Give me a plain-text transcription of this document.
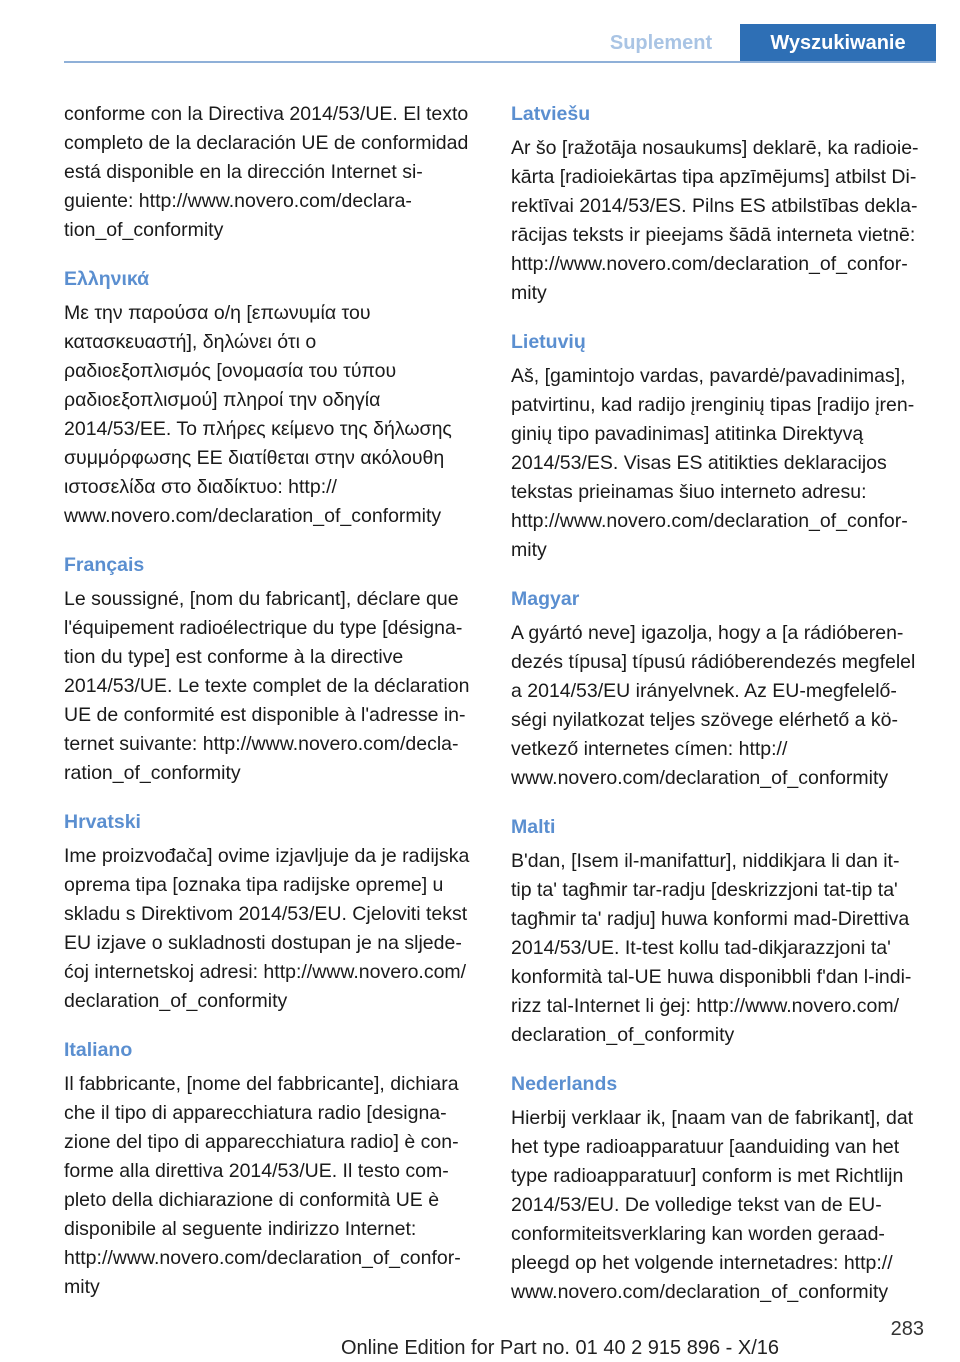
Suplement	Wyszukiwanie

conforme con la Directiva 2014/53/UE. El texto
completo de la declaración UE de conformidad
está disponible en la dirección Internet si‐
guiente: http://www.novero.com/declara‐
tion_of_conformity

Ελληνικά

Με την παρούσα ο/η [επωνυμία του
κατασκευαστή], δηλώνει ότι ο
ραδιοεξοπλισμός [ονομασία του τύπου
ραδιοεξοπλισμού] πληροί την οδηγία
2014/53/ΕΕ. Το πλήρες κείμενο της δήλωσης
συμμόρφωσης ΕΕ διατίθεται στην ακόλουθη
ιστοσελίδα στο διαδίκτυο: http://
www.novero.com/declaration_of_conformity

Français

Le soussigné, [nom du fabricant], déclare que
l'équipement radioélectrique du type [désigna‐
tion du type] est conforme à la directive
2014/53/UE. Le texte complet de la déclaration
UE de conformité est disponible à l'adresse in‐
ternet suivante: http://www.novero.com/decla‐
ration_of_conformity

Hrvatski

Ime proizvođača] ovime izjavljuje da je radijska
oprema tipa [oznaka tipa radijske opreme] u
skladu s Direktivom 2014/53/EU. Cjeloviti tekst
EU izjave o sukladnosti dostupan je na sljede‐
ćoj internetskoj adresi: http://www.novero.com/
declaration_of_conformity

Italiano

Il fabbricante, [nome del fabbricante], dichiara
che il tipo di apparecchiatura radio [designa‐
zione del tipo di apparecchiatura radio] è con‐
forme alla direttiva 2014/53/UE. Il testo com‐
pleto della dichiarazione di conformità UE è
disponibile al seguente indirizzo Internet:
http://www.novero.com/declaration_of_confor‐
mity

Latviešu

Ar šo [ražotāja nosaukums] deklarē, ka radioie‐
kārta [radioiekārtas tipa apzīmējums] atbilst Di‐
rektīvai 2014/53/ES. Pilns ES atbilstības dekla‐
rācijas teksts ir pieejams šādā interneta vietnē:
http://www.novero.com/declaration_of_confor‐
mity

Lietuvių

Aš, [gamintojo vardas, pavardė/pavadinimas],
patvirtinu, kad radijo įrenginių tipas [radijo įren‐
ginių tipo pavadinimas] atitinka Direktyvą
2014/53/ES. Visas ES atitikties deklaracijos
tekstas prieinamas šiuo interneto adresu:
http://www.novero.com/declaration_of_confor‐
mity

Magyar

A gyártó neve] igazolja, hogy a [a rádióberen‐
dezés típusa] típusú rádióberendezés megfelel
a 2014/53/EU irányelvnek. Az EU-megfelelő‐
ségi nyilatkozat teljes szövege elérhető a kö‐
vetkező internetes címen: http://
www.novero.com/declaration_of_conformity

Malti

B'dan, [Isem il-manifattur], niddikjara li dan it-
tip ta' tagħmir tar-radju [deskrizzjoni tat-tip ta'
tagħmir ta' radju] huwa konformi mad-Direttiva
2014/53/UE. It-test kollu tad-dikjarazzjoni ta'
konformità tal-UE huwa disponibbli f'dan l-indi‐
rizz tal-Internet li ġej: http://www.novero.com/
declaration_of_conformity

Nederlands

Hierbij verklaar ik, [naam van de fabrikant], dat
het type radioapparatuur [aanduiding van het
type radioapparatuur] conform is met Richtlijn
2014/53/EU. De volledige tekst van de EU-
conformiteitsverklaring kan worden geraad‐
pleegd op het volgende internetadres: http://
www.novero.com/declaration_of_conformity

283
Online Edition for Part no. 01 40 2 915 896 - X/16
